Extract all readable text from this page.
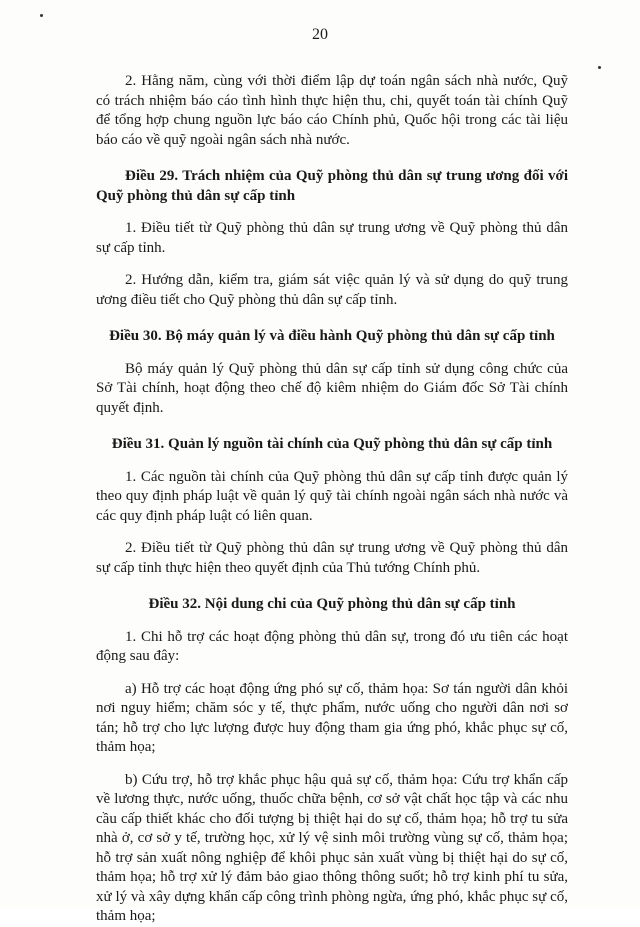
20

2. Hằng năm, cùng với thời điểm lập dự toán ngân sách nhà nước, Quỹ có trách nhiệm báo cáo tình hình thực hiện thu, chi, quyết toán tài chính Quỹ để tổng hợp chung nguồn lực báo cáo Chính phủ, Quốc hội trong các tài liệu báo cáo về quỹ ngoài ngân sách nhà nước.

Điều 29. Trách nhiệm của Quỹ phòng thủ dân sự trung ương đối với Quỹ phòng thủ dân sự cấp tỉnh

1. Điều tiết từ Quỹ phòng thủ dân sự trung ương về Quỹ phòng thủ dân sự cấp tỉnh.

2. Hướng dẫn, kiểm tra, giám sát việc quản lý và sử dụng do quỹ trung ương điều tiết cho Quỹ phòng thủ dân sự cấp tỉnh.

Điều 30. Bộ máy quản lý và điều hành Quỹ phòng thủ dân sự cấp tỉnh

Bộ máy quản lý Quỹ phòng thủ dân sự cấp tỉnh sử dụng công chức của Sở Tài chính, hoạt động theo chế độ kiêm nhiệm do Giám đốc Sở Tài chính quyết định.

Điều 31. Quản lý nguồn tài chính của Quỹ phòng thủ dân sự cấp tỉnh

1. Các nguồn tài chính của Quỹ phòng thủ dân sự cấp tỉnh được quản lý theo quy định pháp luật về quản lý quỹ tài chính ngoài ngân sách nhà nước và các quy định pháp luật có liên quan.

2. Điều tiết từ Quỹ phòng thủ dân sự trung ương về Quỹ phòng thủ dân sự cấp tỉnh thực hiện theo quyết định của Thủ tướng Chính phủ.

Điều 32. Nội dung chi của Quỹ phòng thủ dân sự cấp tỉnh

1. Chi hỗ trợ các hoạt động phòng thủ dân sự, trong đó ưu tiên các hoạt động sau đây:

a) Hỗ trợ các hoạt động ứng phó sự cố, thảm họa: Sơ tán người dân khỏi nơi nguy hiểm; chăm sóc y tế, thực phẩm, nước uống cho người dân nơi sơ tán; hỗ trợ cho lực lượng được huy động tham gia ứng phó, khắc phục sự cố, thảm họa;

b) Cứu trợ, hỗ trợ khắc phục hậu quả sự cố, thảm họa: Cứu trợ khẩn cấp về lương thực, nước uống, thuốc chữa bệnh, cơ sở vật chất học tập và các nhu cầu cấp thiết khác cho đối tượng bị thiệt hại do sự cố, thảm họa; hỗ trợ tu sửa nhà ở, cơ sở y tế, trường học, xử lý vệ sinh môi trường vùng sự cố, thảm họa; hỗ trợ sản xuất nông nghiệp để khôi phục sản xuất vùng bị thiệt hại do sự cố, thảm họa; hỗ trợ xử lý đảm bảo giao thông thông suốt; hỗ trợ kinh phí tu sửa, xử lý và xây dựng khẩn cấp công trình phòng ngừa, ứng phó, khắc phục sự cố, thảm họa;
